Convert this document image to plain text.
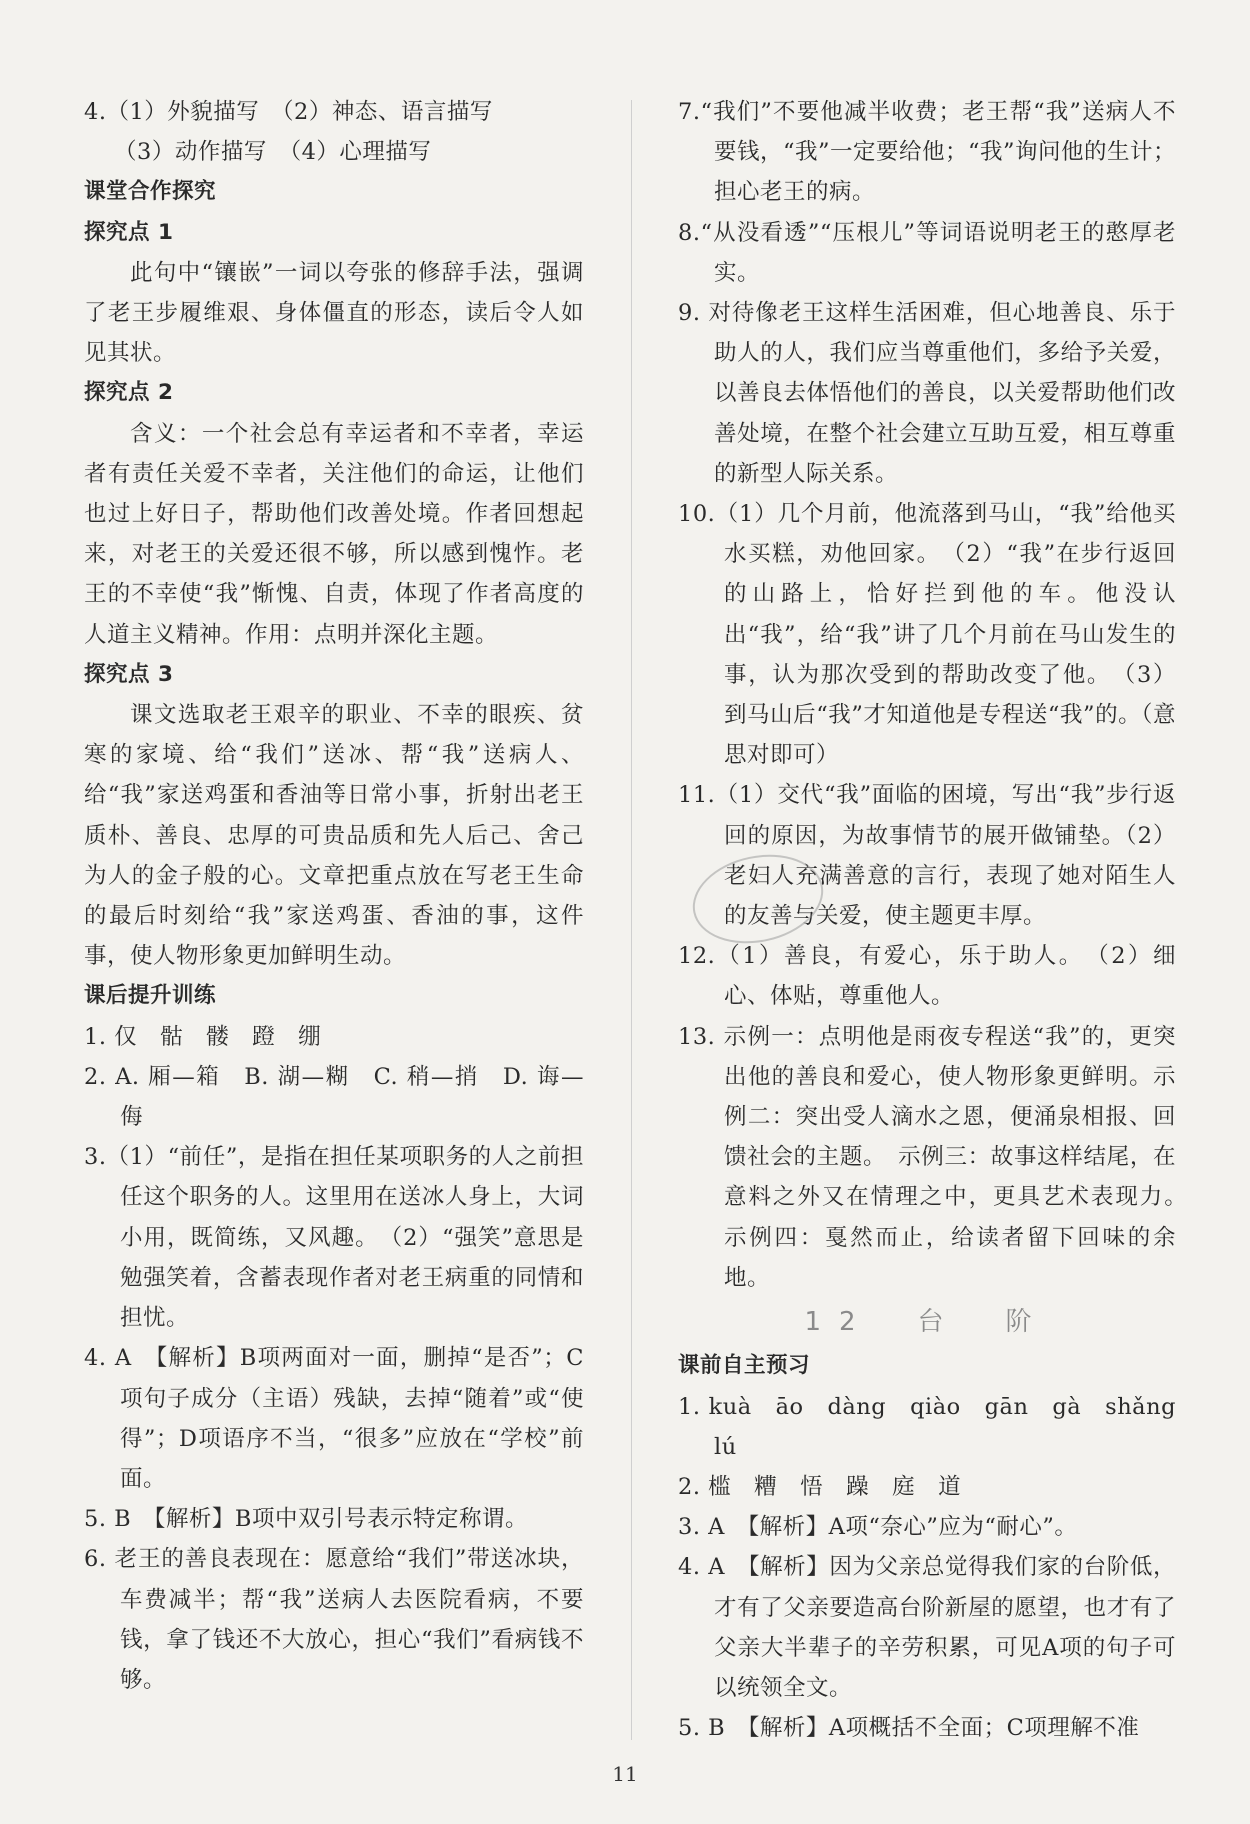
4.（1）外貌描写　（2）神态、语言描写

（3）动作描写　（4）心理描写

课堂合作探究

探究点 1

此句中“镶嵌”一词以夸张的修辞手法，强调了老王步履维艰、身体僵直的形态，读后令人如见其状。

探究点 2

含义：一个社会总有幸运者和不幸者，幸运者有责任关爱不幸者，关注他们的命运，让他们也过上好日子，帮助他们改善处境。作者回想起来，对老王的关爱还很不够，所以感到愧怍。老王的不幸使“我”惭愧、自责，体现了作者高度的人道主义精神。作用：点明并深化主题。

探究点 3

课文选取老王艰辛的职业、不幸的眼疾、贫寒的家境、给“我们”送冰、帮“我”送病人、给“我”家送鸡蛋和香油等日常小事，折射出老王质朴、善良、忠厚的可贵品质和先人后己、舍己为人的金子般的心。文章把重点放在写老王生命的最后时刻给“我”家送鸡蛋、香油的事，这件事，使人物形象更加鲜明生动。

课后提升训练

1. 仅　骷　髅　蹬　绷

2. A. 厢—箱　B. 湖—糊　C. 稍—捎　D. 诲—侮

3.（1）“前任”，是指在担任某项职务的人之前担任这个职务的人。这里用在送冰人身上，大词小用，既简练，又风趣。　（2）“强笑”意思是勉强笑着，含蓄表现作者对老王病重的同情和担忧。

4. A　【解析】B项两面对一面，删掉“是否”；C项句子成分（主语）残缺，去掉“随着”或“使得”；D项语序不当，“很多”应放在“学校”前面。

5. B　【解析】B项中双引号表示特定称谓。

6. 老王的善良表现在：愿意给“我们”带送冰块，车费减半；帮“我”送病人去医院看病，不要钱，拿了钱还不大放心，担心“我们”看病钱不够。

7.“我们”不要他减半收费；老王帮“我”送病人不要钱，“我”一定要给他；“我”询问他的生计；担心老王的病。

8.“从没看透”“压根儿”等词语说明老王的憨厚老实。

9. 对待像老王这样生活困难，但心地善良、乐于助人的人，我们应当尊重他们，多给予关爱，以善良去体悟他们的善良，以关爱帮助他们改善处境，在整个社会建立互助互爱，相互尊重的新型人际关系。

10.（1）几个月前，他流落到马山，“我”给他买水买糕，劝他回家。　（2）“我”在步行返回的山路上，恰好拦到他的车。他没认出“我”，给“我”讲了几个月前在马山发生的事，认为那次受到的帮助改变了他。　（3）到马山后“我”才知道他是专程送“我”的。（意思对即可）

11.（1）交代“我”面临的困境，写出“我”步行返回的原因，为故事情节的展开做铺垫。（2）老妇人充满善意的言行，表现了她对陌生人的友善与关爱，使主题更丰厚。

12.（1）善良，有爱心，乐于助人。　（2）细心、体贴，尊重他人。

13. 示例一：点明他是雨夜专程送“我”的，更突出他的善良和爱心，使人物形象更鲜明。示例二：突出受人滴水之恩，便涌泉相报、回馈社会的主题。　示例三：故事这样结尾，在意料之外又在情理之中，更具艺术表现力。　示例四：戛然而止，给读者留下回味的余地。

12　台　阶

课前自主预习

1. kuà　āo　dàng　qiào　gān　gà　shǎng　lú

2. 槛　糟　悟　躁　庭　道

3. A　【解析】A项“奈心”应为“耐心”。

4. A　【解析】因为父亲总觉得我们家的台阶低，才有了父亲要造高台阶新屋的愿望，也才有了父亲大半辈子的辛劳积累，可见A项的句子可以统领全文。

5. B　【解析】A项概括不全面；C项理解不准

11
